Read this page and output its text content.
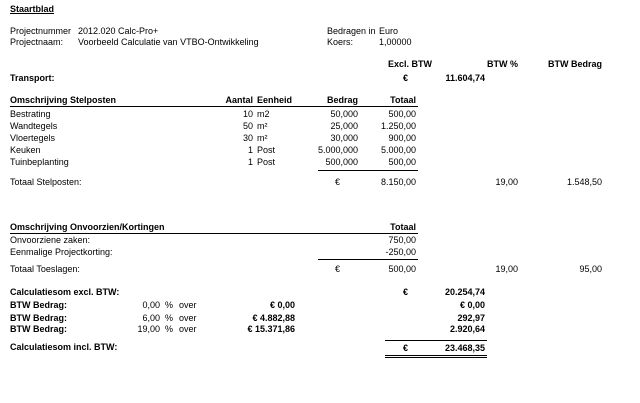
Staartblad
Projectnummer 2012.020 Calc-Pro+
Projectnaam: Voorbeeld Calculatie van VTBO-Ontwikkeling
Bedragen in Euro
Koers:	1,00000
Excl. BTW	BTW %	BTW Bedrag
Transport:	€	11.604,74
Omschrijving Stelposten	Aantal Eenheid	Bedrag	Totaal
Bestrating	10 m2	50,000	500,00
Wandtegels	50 m²	25,000	1.250,00
Vloertegels	30 m²	30,000	900,00
Keuken	1 Post	5.000,000	5.000,00
Tuinbeplanting	1 Post	500,000	500,00
Totaal Stelposten:	€	8.150,00	19,00	1.548,50
Omschrijving Onvoorzien/Kortingen	Totaal
Onvoorziene zaken:	750,00
Eenmalige Projectkorting:	-250,00
Totaal Toeslagen:	€	500,00	19,00	95,00
Calculatiesom excl. BTW:	€	20.254,74
BTW Bedrag:	0,00 % over	€ 0,00	€ 0,00
BTW Bedrag:	6,00 % over	€ 4.882,88	292,97
BTW Bedrag:	19,00 % over	€ 15.371,86	2.920,64
Calculatiesom incl. BTW:	€	23.468,35
